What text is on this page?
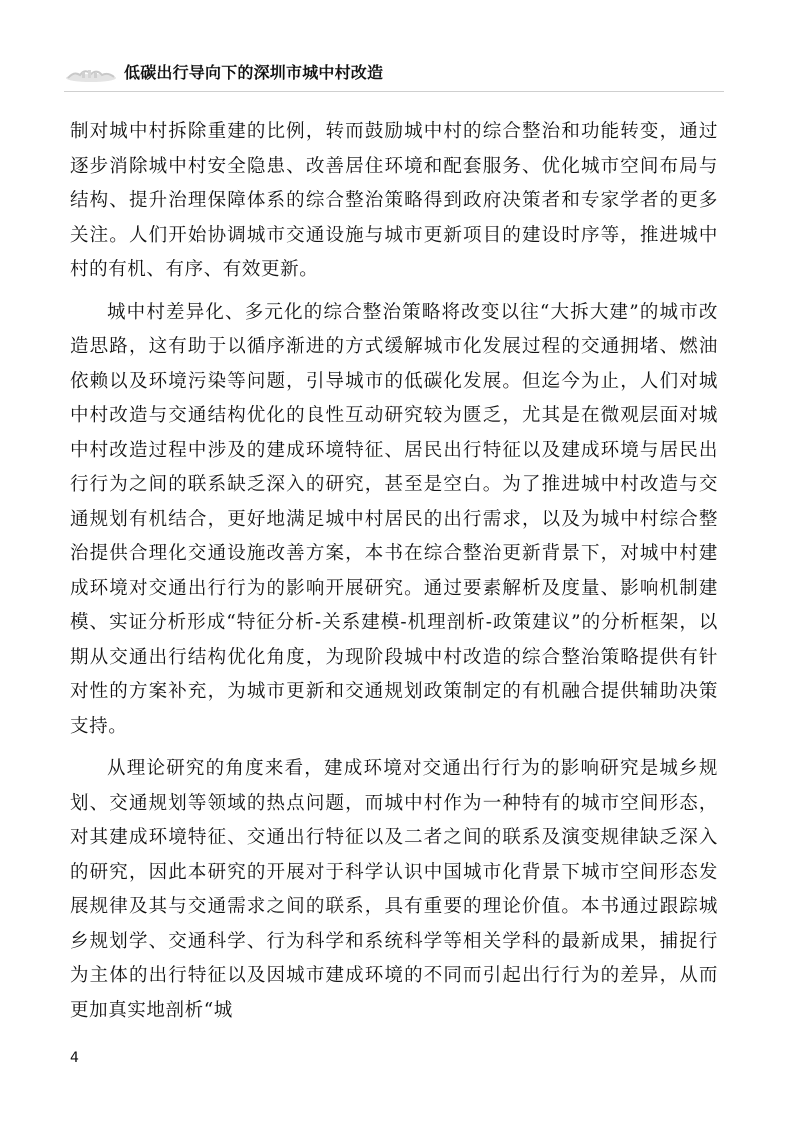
低碳出行导向下的深圳市城中村改造

制对城中村拆除重建的比例，转而鼓励城中村的综合整治和功能转变，通过逐步消除城中村安全隐患、改善居住环境和配套服务、优化城市空间布局与结构、提升治理保障体系的综合整治策略得到政府决策者和专家学者的更多关注。人们开始协调城市交通设施与城市更新项目的建设时序等，推进城中村的有机、有序、有效更新。

城中村差异化、多元化的综合整治策略将改变以往“大拆大建”的城市改造思路，这有助于以循序渐进的方式缓解城市化发展过程的交通拥堵、燃油依赖以及环境污染等问题，引导城市的低碳化发展。但迄今为止，人们对城中村改造与交通结构优化的良性互动研究较为匮乏，尤其是在微观层面对城中村改造过程中涉及的建成环境特征、居民出行特征以及建成环境与居民出行行为之间的联系缺乏深入的研究，甚至是空白。为了推进城中村改造与交通规划有机结合，更好地满足城中村居民的出行需求，以及为城中村综合整治提供合理化交通设施改善方案，本书在综合整治更新背景下，对城中村建成环境对交通出行行为的影响开展研究。通过要素解析及度量、影响机制建模、实证分析形成“特征分析-关系建模-机理剖析-政策建议”的分析框架，以期从交通出行结构优化角度，为现阶段城中村改造的综合整治策略提供有针对性的方案补充，为城市更新和交通规划政策制定的有机融合提供辅助决策支持。

从理论研究的角度来看，建成环境对交通出行行为的影响研究是城乡规划、交通规划等领域的热点问题，而城中村作为一种特有的城市空间形态，对其建成环境特征、交通出行特征以及二者之间的联系及演变规律缺乏深入的研究，因此本研究的开展对于科学认识中国城市化背景下城市空间形态发展规律及其与交通需求之间的联系，具有重要的理论价值。本书通过跟踪城乡规划学、交通科学、行为科学和系统科学等相关学科的最新成果，捕捉行为主体的出行特征以及因城市建成环境的不同而引起出行行为的差异，从而更加真实地剖析“城

4
